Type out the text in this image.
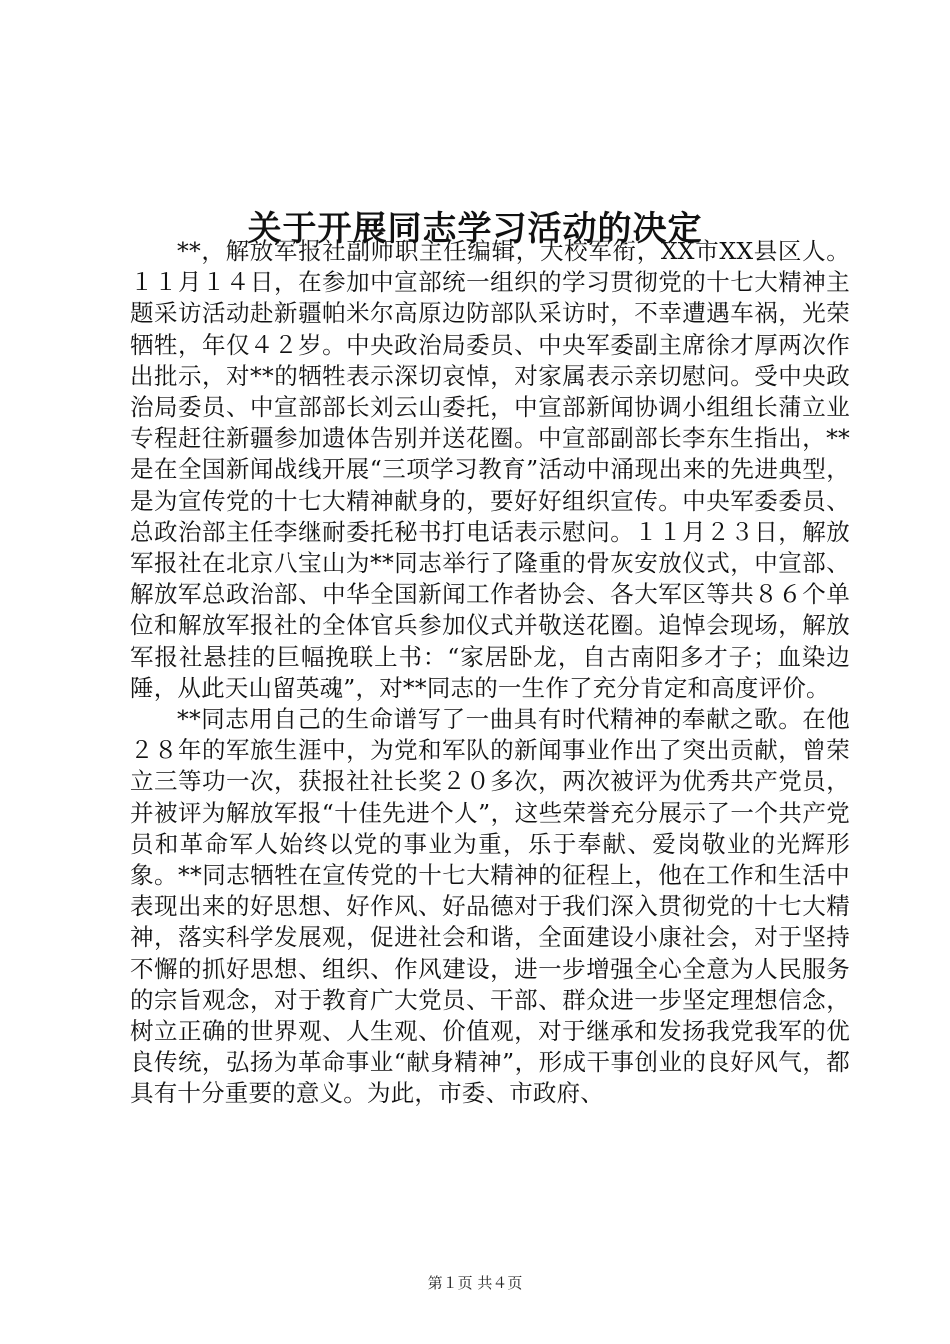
关于开展同志学习活动的决定

**，解放军报社副师职主任编辑，大校军衔，XX市XX县区人。１１月１４日，在参加中宣部统一组织的学习贯彻党的十七大精神主题采访活动赴新疆帕米尔高原边防部队采访时，不幸遭遇车祸，光荣牺牲，年仅４２岁。中央政治局委员、中央军委副主席徐才厚两次作出批示，对**的牺牲表示深切哀悼，对家属表示亲切慰问。受中央政治局委员、中宣部部长刘云山委托，中宣部新闻协调小组组长蒲立业专程赶往新疆参加遗体告别并送花圈。中宣部副部长李东生指出，**是在全国新闻战线开展“三项学习教育”活动中涌现出来的先进典型，是为宣传党的十七大精神献身的，要好好组织宣传。中央军委委员、总政治部主任李继耐委托秘书打电话表示慰问。１１月２３日，解放军报社在北京八宝山为**同志举行了隆重的骨灰安放仪式，中宣部、解放军总政治部、中华全国新闻工作者协会、各大军区等共８６个单位和解放军报社的全体官兵参加仪式并敬送花圈。追悼会现场，解放军报社悬挂的巨幅挽联上书：“家居卧龙，自古南阳多才子；血染边陲，从此天山留英魂”，对**同志的一生作了充分肯定和高度评价。

**同志用自己的生命谱写了一曲具有时代精神的奉献之歌。在他２８年的军旅生涯中，为党和军队的新闻事业作出了突出贡献，曾荣立三等功一次，获报社社长奖２０多次，两次被评为优秀共产党员，并被评为解放军报“十佳先进个人”，这些荣誉充分展示了一个共产党员和革命军人始终以党的事业为重，乐于奉献、爱岗敬业的光辉形象。**同志牺牲在宣传党的十七大精神的征程上，他在工作和生活中表现出来的好思想、好作风、好品德对于我们深入贯彻党的十七大精神，落实科学发展观，促进社会和谐，全面建设小康社会，对于坚持不懈的抓好思想、组织、作风建设，进一步增强全心全意为人民服务的宗旨观念，对于教育广大党员、干部、群众进一步坚定理想信念，树立正确的世界观、人生观、价值观，对于继承和发扬我党我军的优良传统，弘扬为革命事业“献身精神”，形成干事创业的良好风气，都具有十分重要的意义。为此，市委、市政府、

第１页 共４页
